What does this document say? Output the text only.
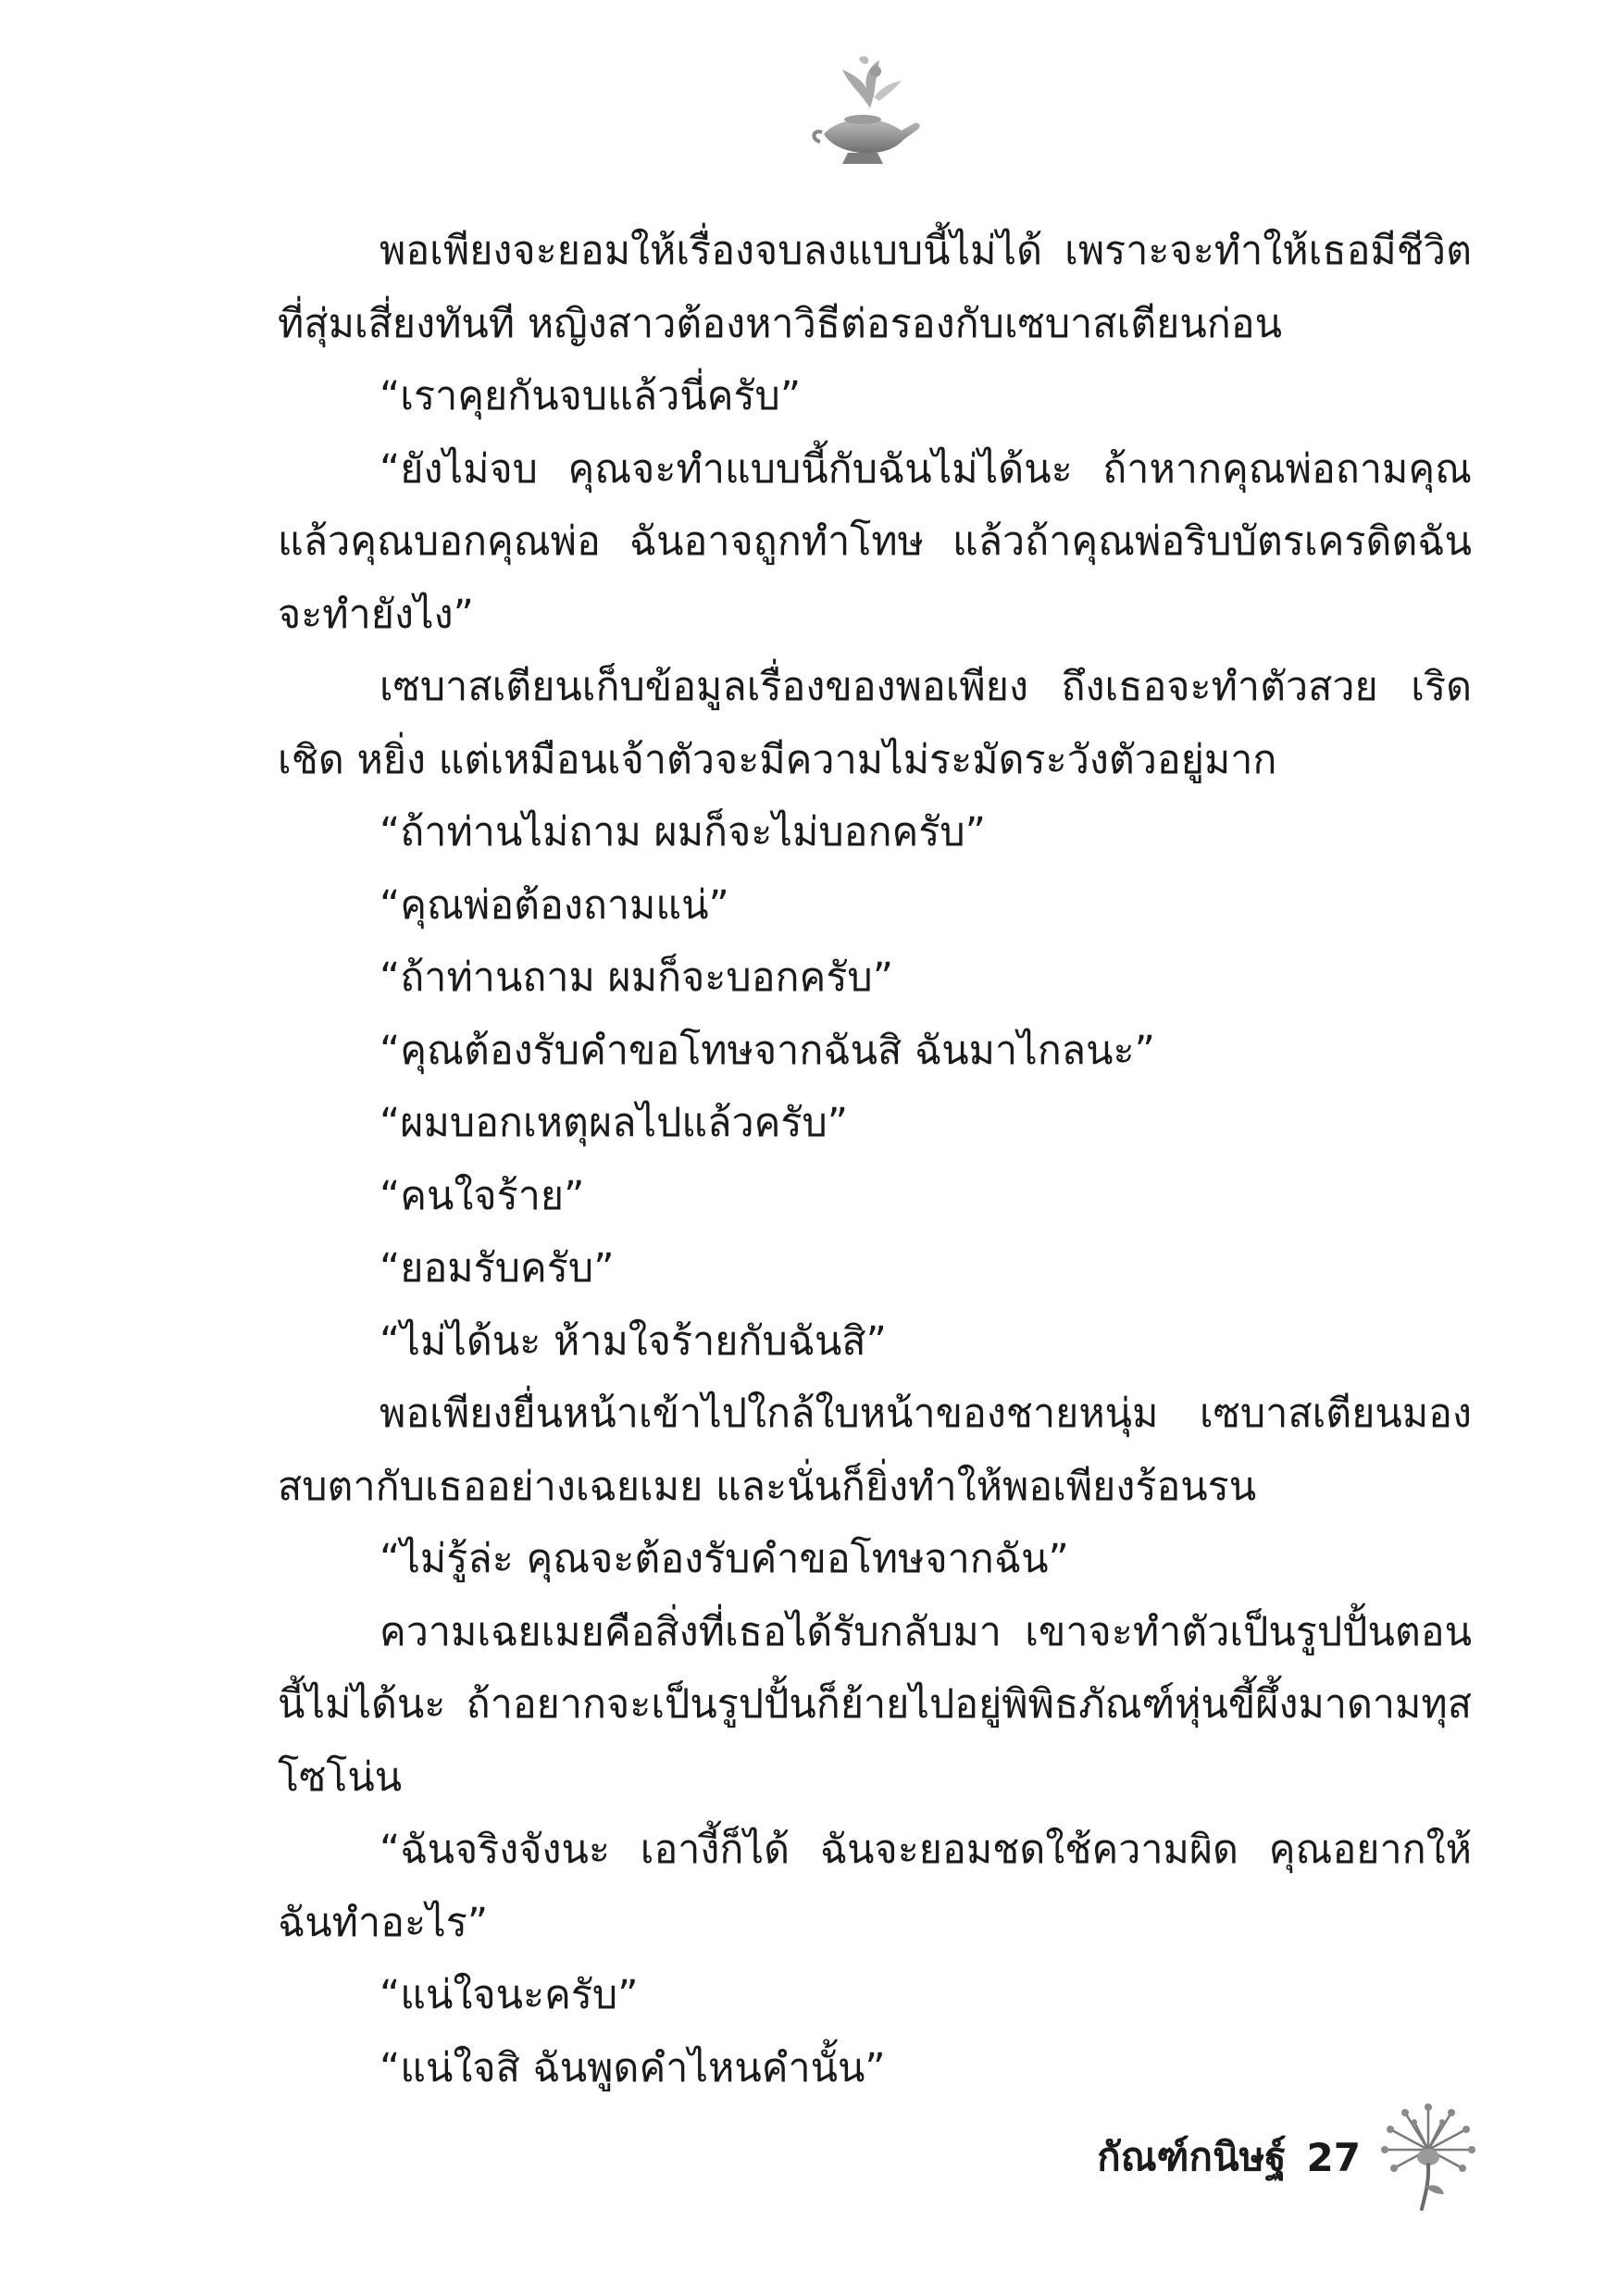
พอเพียงจะยอมให้เรื่องจบลงแบบนี้ไม่ได้ เพราะจะทำให้เธอมีชีวิตที่สุ่มเสี่ยงทันที หญิงสาวต้องหาวิธีต่อรองกับเซบาสเตียนก่อน

“เราคุยกันจบแล้วนี่ครับ”

“ยังไม่จบ คุณจะทำแบบนี้กับฉันไม่ได้นะ ถ้าหากคุณพ่อถามคุณแล้วคุณบอกคุณพ่อ ฉันอาจถูกทำโทษ แล้วถ้าคุณพ่อริบบัตรเครดิตฉันจะทำยังไง”

เซบาสเตียนเก็บข้อมูลเรื่องของพอเพียง ถึงเธอจะทำตัวสวย เริดเชิด หยิ่ง แต่เหมือนเจ้าตัวจะมีความไม่ระมัดระวังตัวอยู่มาก

“ถ้าท่านไม่ถาม ผมก็จะไม่บอกครับ”

“คุณพ่อต้องถามแน่”

“ถ้าท่านถาม ผมก็จะบอกครับ”

“คุณต้องรับคำขอโทษจากฉันสิ ฉันมาไกลนะ”

“ผมบอกเหตุผลไปแล้วครับ”

“คนใจร้าย”

“ยอมรับครับ”

“ไม่ได้นะ ห้ามใจร้ายกับฉันสิ”

พอเพียงยื่นหน้าเข้าไปใกล้ใบหน้าของชายหนุ่ม เซบาสเตียนมองสบตากับเธออย่างเฉยเมย และนั่นก็ยิ่งทำให้พอเพียงร้อนรน

“ไม่รู้ล่ะ คุณจะต้องรับคำขอโทษจากฉัน”

ความเฉยเมยคือสิ่งที่เธอได้รับกลับมา เขาจะทำตัวเป็นรูปปั้นตอนนี้ไม่ได้นะ ถ้าอยากจะเป็นรูปปั้นก็ย้ายไปอยู่พิพิธภัณฑ์หุ่นขี้ผึ้งมาดามทุสโซโน่น

“ฉันจริงจังนะ เอางี้ก็ได้ ฉันจะยอมชดใช้ความผิด คุณอยากให้ฉันทำอะไร”

“แน่ใจนะครับ”

“แน่ใจสิ ฉันพูดคำไหนคำนั้น”

กัณฑ์กนิษฐ์ 27
